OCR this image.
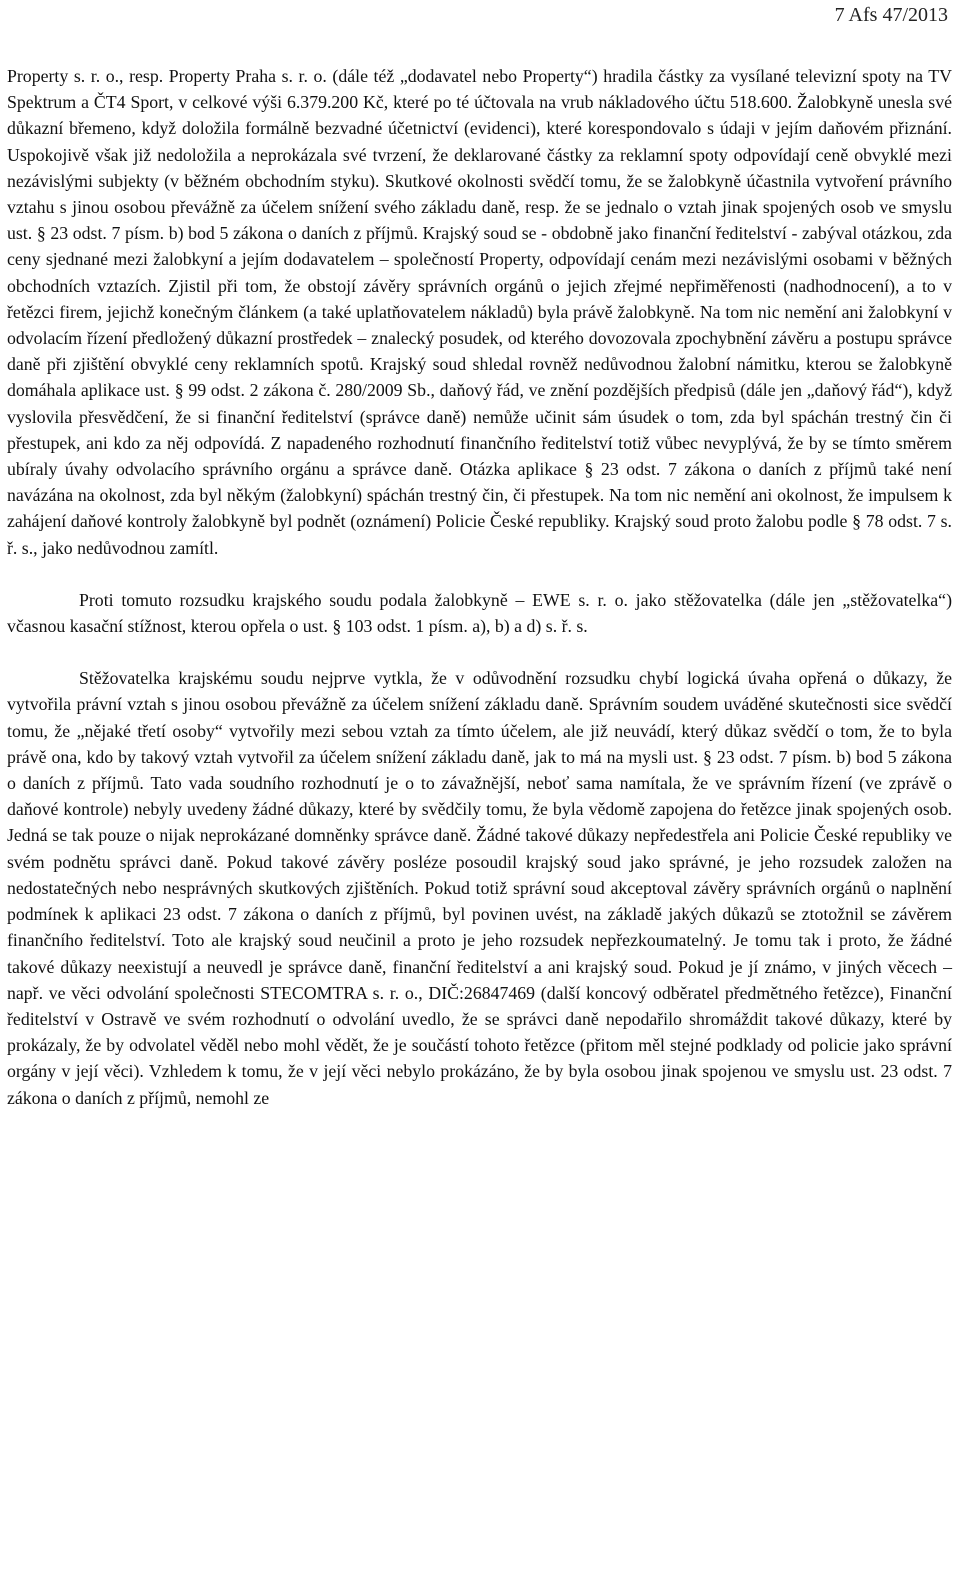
7 Afs 47/2013

Property s. r. o., resp. Property Praha s. r. o. (dále též „dodavatel nebo Property“) hradila částky za vysílané televizní spoty na TV Spektrum a ČT4 Sport, v celkové výši 6.379.200 Kč, které po té účtovala na vrub nákladového účtu 518.600. Žalobkyně unesla své důkazní břemeno, když doložila formálně bezvadné účetnictví (evidenci), které korespondovalo s údaji v jejím daňovém přiznání. Uspokojivě však již nedoložila a neprokázala své tvrzení, že deklarované částky za reklamní spoty odpovídají ceně obvyklé mezi nezávislými subjekty (v běžném obchodním styku). Skutkové okolnosti svědčí tomu, že se žalobkyně účastnila vytvoření právního vztahu s jinou osobou převážně za účelem snížení svého základu daně, resp. že se jednalo o vztah jinak spojených osob ve smyslu ust. § 23 odst. 7 písm. b) bod 5 zákona o daních z příjmů. Krajský soud se - obdobně jako finanční ředitelství - zabýval otázkou, zda ceny sjednané mezi žalobkyní a jejím dodavatelem – společností Property, odpovídají cenám mezi nezávislými osobami v běžných obchodních vztazích. Zjistil při tom, že obstojí závěry správních orgánů o jejich zřejmé nepřiměřenosti (nadhodnocení), a to v řetězci firem, jejichž konečným článkem (a také uplatňovatelem nákladů) byla právě žalobkyně. Na tom nic nemění ani žalobkyní v odvolacím řízení předložený důkazní prostředek – znalecký posudek, od kterého dovozovala zpochybnění závěru a postupu správce daně při zjištění obvyklé ceny reklamních spotů. Krajský soud shledal rovněž nedůvodnou žalobní námitku, kterou se žalobkyně domáhala aplikace ust. § 99 odst. 2 zákona č. 280/2009 Sb., daňový řád, ve znění pozdějších předpisů (dále jen „daňový řád“), když vyslovila přesvědčení, že si finanční ředitelství (správce daně) nemůže učinit sám úsudek o tom, zda byl spáchán trestný čin či přestupek, ani kdo za něj odpovídá. Z napadeného rozhodnutí finančního ředitelství totiž vůbec nevyplývá, že by se tímto směrem ubíraly úvahy odvolacího správního orgánu a správce daně. Otázka aplikace § 23 odst. 7 zákona o daních z příjmů také není navázána na okolnost, zda byl někým (žalobkyní) spáchán trestný čin, či přestupek. Na tom nic nemění ani okolnost, že impulsem k zahájení daňové kontroly žalobkyně byl podnět (oznámení) Policie České republiky. Krajský soud proto žalobu podle § 78 odst. 7 s. ř. s., jako nedůvodnou zamítl.

Proti tomuto rozsudku krajského soudu podala žalobkyně – EWE s. r. o. jako stěžovatelka (dále jen „stěžovatelka“) včasnou kasační stížnost, kterou opřela o ust. § 103 odst. 1 písm. a), b) a d) s. ř. s.

Stěžovatelka krajskému soudu nejprve vytkla, že v odůvodnění rozsudku chybí logická úvaha opřená o důkazy, že vytvořila právní vztah s jinou osobou převážně za účelem snížení základu daně. Správním soudem uváděné skutečnosti sice svědčí tomu, že „nějaké třetí osoby“ vytvořily mezi sebou vztah za tímto účelem, ale již neuvádí, který důkaz svědčí o tom, že to byla právě ona, kdo by takový vztah vytvořil za účelem snížení základu daně, jak to má na mysli ust. § 23 odst. 7 písm. b) bod 5 zákona o daních z příjmů. Tato vada soudního rozhodnutí je o to závažnější, neboť sama namítala, že ve správním řízení (ve zprávě o daňové kontrole) nebyly uvedeny žádné důkazy, které by svědčily tomu, že byla vědomě zapojena do řetězce jinak spojených osob. Jedná se tak pouze o nijak neprokázané domněnky správce daně. Žádné takové důkazy nepředestřela ani Policie České republiky ve svém podnětu správci daně. Pokud takové závěry posléze posoudil krajský soud jako správné, je jeho rozsudek založen na nedostatečných nebo nesprávných skutkových zjištěních. Pokud totiž správní soud akceptoval závěry správních orgánů o naplnění podmínek k aplikaci 23 odst. 7 zákona o daních z příjmů, byl povinen uvést, na základě jakých důkazů se ztotožnil se závěrem finančního ředitelství. Toto ale krajský soud neučinil a proto je jeho rozsudek nepřezkoumatelný. Je tomu tak i proto, že žádné takové důkazy neexistují a neuvedl je správce daně, finanční ředitelství a ani krajský soud. Pokud je jí známo, v jiných věcech – např. ve věci odvolání společnosti STECOMTRA s. r. o., DIČ:26847469 (další koncový odběratel předmětného řetězce), Finanční ředitelství v Ostravě ve svém rozhodnutí o odvolání uvedlo, že se správci daně nepodařilo shromáždit takové důkazy, které by prokázaly, že by odvolatel věděl nebo mohl vědět, že je součástí tohoto řetězce (přitom měl stejné podklady od policie jako správní orgány v její věci). Vzhledem k tomu, že v její věci nebylo prokázáno, že by byla osobou jinak spojenou ve smyslu ust. 23 odst. 7 zákona o daních z příjmů, nemohl ze
